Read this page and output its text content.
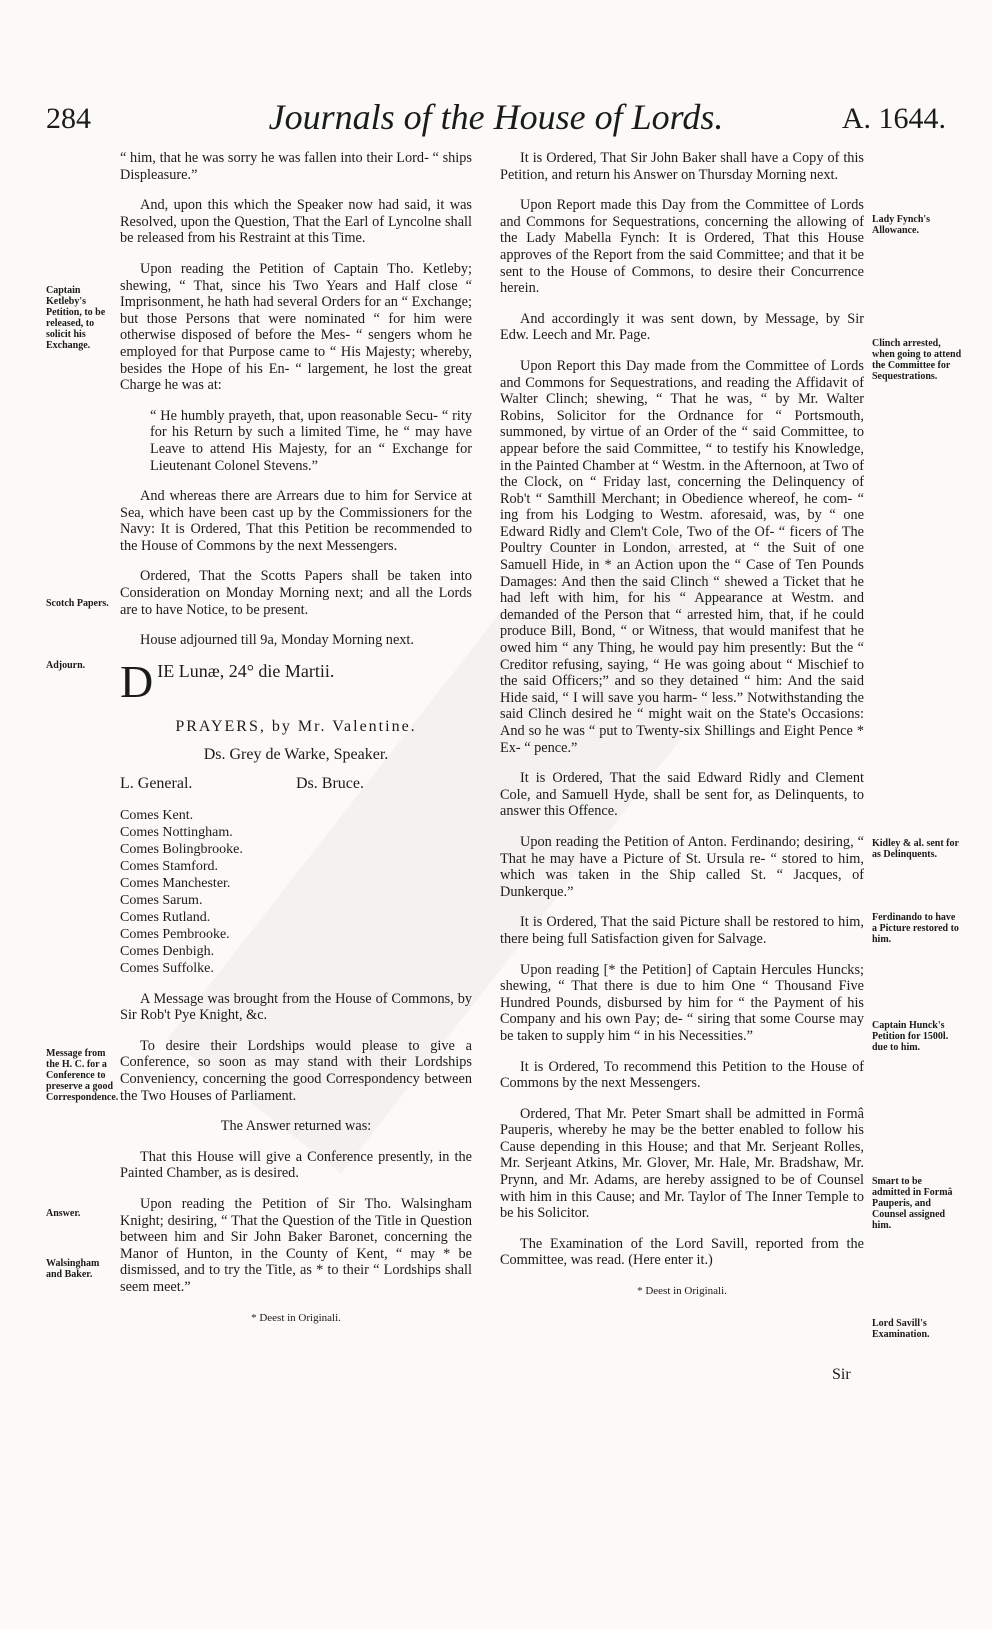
284	Journals of the House of Lords.	A. 1644.
Captain Ketleby's Petition, to be released, to solicit his Exchange.
Scotch Papers.
Adjourn.
Message from the H. C. for a Conference to preserve a good Correspondence.
Answer.
Walsingham and Baker.
Lady Fynch's Allowance.
Clinch arrested, when going to attend the Committee for Sequestrations.
Kidley & al. sent for as Delinquents.
Ferdinando to have a Picture restored to him.
Captain Hunck's Petition for 1500l. due to him.
Smart to be admitted in Formâ Pauperis, and Counsel assigned him.
Lord Savill's Examination.

“ him, that he was sorry he was fallen into their Lord- “ ships Displeasure.”

And, upon this which the Speaker now had said, it was Resolved, upon the Question, That the Earl of Lyncolne shall be released from his Restraint at this Time.

Upon reading the Petition of Captain Tho. Ketleby; shewing, “ That, since his Two Years and Half close “ Imprisonment, he hath had several Orders for an “ Exchange; but those Persons that were nominated “ for him were otherwise disposed of before the Mes- “ sengers whom he employed for that Purpose came to “ His Majesty; whereby, besides the Hope of his En- “ largement, he lost the great Charge he was at:

“ He humbly prayeth, that, upon reasonable Secu- “ rity for his Return by such a limited Time, he “ may have Leave to attend His Majesty, for an “ Exchange for Lieutenant Colonel Stevens.”

And whereas there are Arrears due to him for Service at Sea, which have been cast up by the Commissioners for the Navy: It is Ordered, That this Petition be recommended to the House of Commons by the next Messengers.

Ordered, That the Scotts Papers shall be taken into Consideration on Monday Morning next; and all the Lords are to have Notice, to be present.

House adjourned till 9a, Monday Morning next.

D IE Lunæ, 24° die Martii.
PRAYERS, by Mr. Valentine.
Ds. Grey de Warke, Speaker.
L. General.	Ds. Bruce.
Comes Kent.
Comes Nottingham.
Comes Bolingbrooke.
Comes Stamford.
Comes Manchester.
Comes Sarum.
Comes Rutland.
Comes Pembrooke.
Comes Denbigh.
Comes Suffolke.

A Message was brought from the House of Commons, by Sir Rob't Pye Knight, &c.

To desire their Lordships would please to give a Conference, so soon as may stand with their Lordships Conveniency, concerning the good Correspondency between the Two Houses of Parliament.

The Answer returned was:

That this House will give a Conference presently, in the Painted Chamber, as is desired.

Upon reading the Petition of Sir Tho. Walsingham Knight; desiring, “ That the Question of the Title in Question between him and Sir John Baker Baronet, concerning the Manor of Hunton, in the County of Kent, “ may * be dismissed, and to try the Title, as * to their “ Lordships shall seem meet.”

* Deest in Originali.

It is Ordered, That Sir John Baker shall have a Copy of this Petition, and return his Answer on Thursday Morning next.

Upon Report made this Day from the Committee of Lords and Commons for Sequestrations, concerning the allowing of the Lady Mabella Fynch: It is Ordered, That this House approves of the Report from the said Committee; and that it be sent to the House of Commons, to desire their Concurrence herein.

And accordingly it was sent down, by Message, by Sir Edw. Leech and Mr. Page.

Upon Report this Day made from the Committee of Lords and Commons for Sequestrations, and reading the Affidavit of Walter Clinch; shewing, “ That he was, “ by Mr. Walter Robins, Solicitor for the Ordnance for “ Portsmouth, summoned, by virtue of an Order of the “ said Committee, to appear before the said Committee, “ to testify his Knowledge, in the Painted Chamber at “ Westm. in the Afternoon, at Two of the Clock, on “ Friday last, concerning the Delinquency of Rob't “ Samthill Merchant; in Obedience whereof, he com- “ ing from his Lodging to Westm. aforesaid, was, by “ one Edward Ridly and Clem't Cole, Two of the Of- “ ficers of The Poultry Counter in London, arrested, at “ the Suit of one Samuell Hide, in * an Action upon the “ Case of Ten Pounds Damages: And then the said Clinch “ shewed a Ticket that he had left with him, for his “ Appearance at Westm. and demanded of the Person that “ arrested him, that, if he could produce Bill, Bond, “ or Witness, that would manifest that he owed him “ any Thing, he would pay him presently: But the “ Creditor refusing, saying, “ He was going about “ Mischief to the said Officers;” and so they detained “ him: And the said Hide said, “ I will save you harm- “ less.” Notwithstanding the said Clinch desired he “ might wait on the State's Occasions: And so he was “ put to Twenty-six Shillings and Eight Pence * Ex- “ pence.”

It is Ordered, That the said Edward Ridly and Clement Cole, and Samuell Hyde, shall be sent for, as Delinquents, to answer this Offence.

Upon reading the Petition of Anton. Ferdinando; desiring, “ That he may have a Picture of St. Ursula re- “ stored to him, which was taken in the Ship called St. “ Jacques, of Dunkerque.”

It is Ordered, That the said Picture shall be restored to him, there being full Satisfaction given for Salvage.

Upon reading [* the Petition] of Captain Hercules Huncks; shewing, “ That there is due to him One “ Thousand Five Hundred Pounds, disbursed by him for “ the Payment of his Company and his own Pay; de- “ siring that some Course may be taken to supply him “ in his Necessities.”

It is Ordered, To recommend this Petition to the House of Commons by the next Messengers.

Ordered, That Mr. Peter Smart shall be admitted in Formâ Pauperis, whereby he may be the better enabled to follow his Cause depending in this House; and that Mr. Serjeant Rolles, Mr. Serjeant Atkins, Mr. Glover, Mr. Hale, Mr. Bradshaw, Mr. Prynn, and Mr. Adams, are hereby assigned to be of Counsel with him in this Cause; and Mr. Taylor of The Inner Temple to be his Solicitor.

The Examination of the Lord Savill, reported from the Committee, was read. (Here enter it.)

* Deest in Originali.
Sir
